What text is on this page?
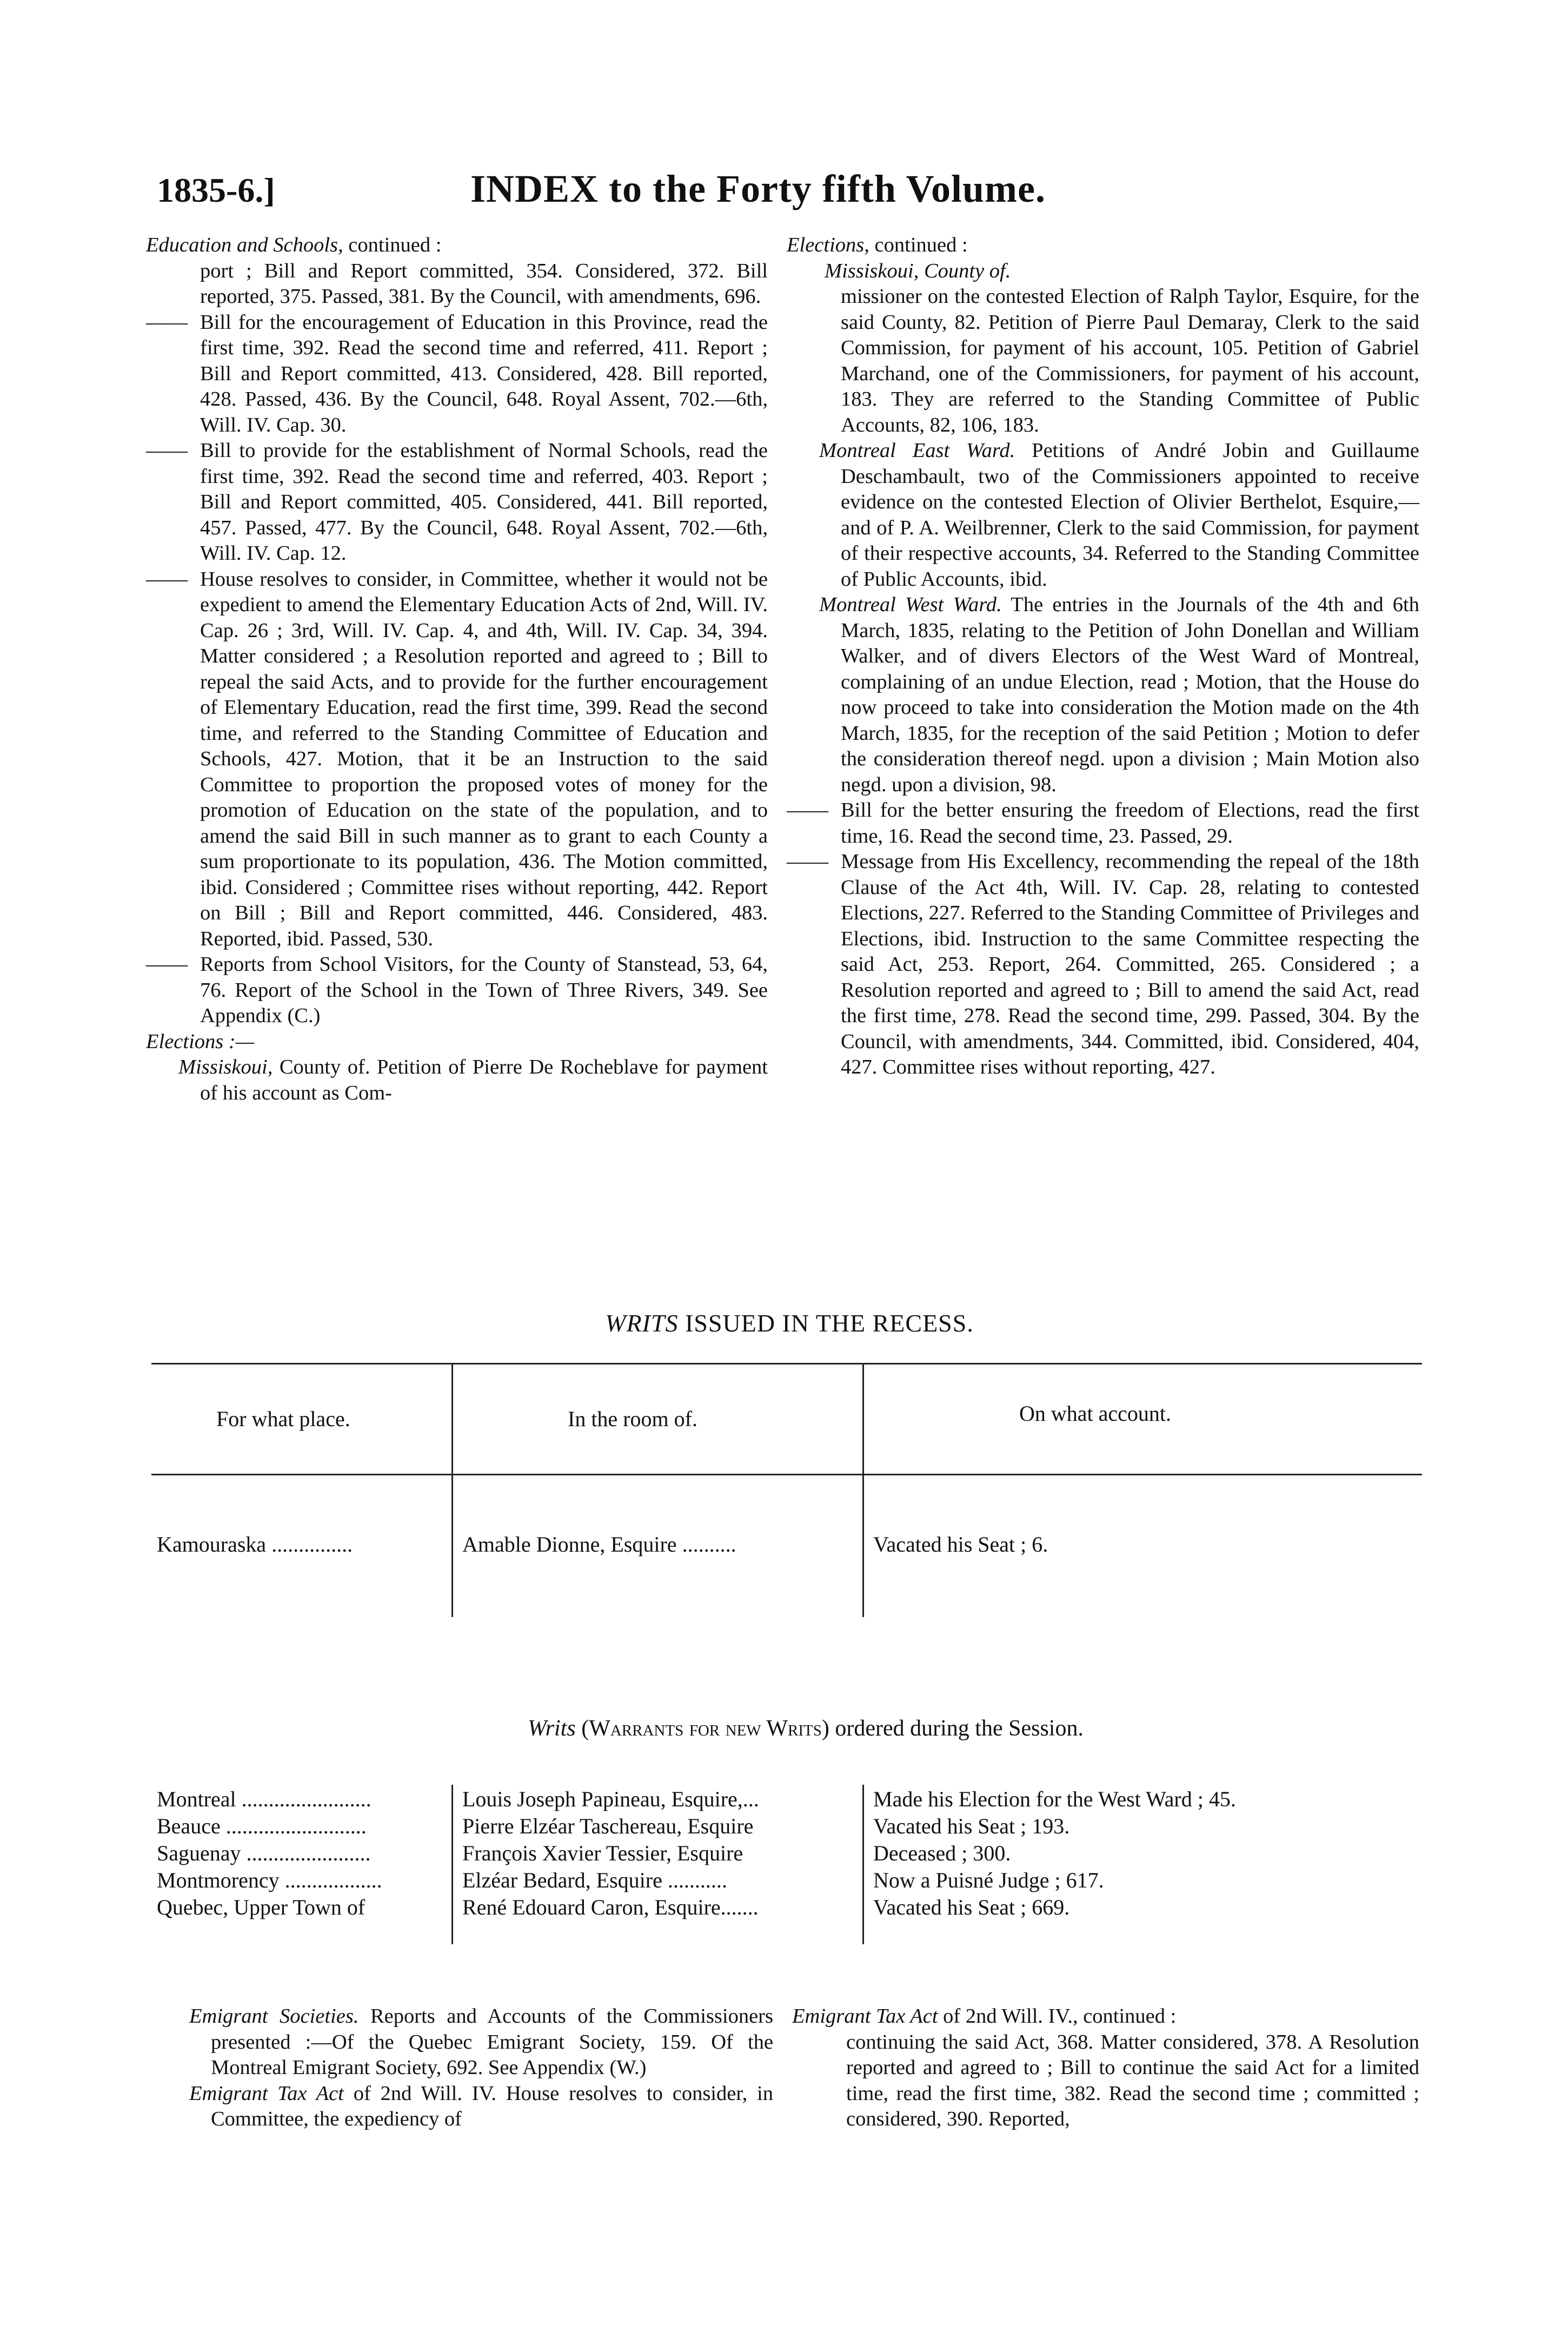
1835-6.]	INDEX to the Forty fifth Volume.

Education and Schools, continued :

port ; Bill and Report committed, 354. Considered, 372. Bill reported, 375. Passed, 381. By the Council, with amendments, 696.

—— Bill for the encouragement of Education in this Province, read the first time, 392. Read the second time and referred, 411. Report ; Bill and Report committed, 413. Considered, 428. Bill reported, 428. Passed, 436. By the Council, 648. Royal Assent, 702.—6th, Will. IV. Cap. 30.

—— Bill to provide for the establishment of Normal Schools, read the first time, 392. Read the second time and referred, 403. Report ; Bill and Report committed, 405. Considered, 441. Bill reported, 457. Passed, 477. By the Council, 648. Royal Assent, 702.—6th, Will. IV. Cap. 12.

—— House resolves to consider, in Committee, whether it would not be expedient to amend the Elementary Education Acts of 2nd, Will. IV. Cap. 26 ; 3rd, Will. IV. Cap. 4, and 4th, Will. IV. Cap. 34, 394. Matter considered ; a Resolution reported and agreed to ; Bill to repeal the said Acts, and to provide for the further encouragement of Elementary Education, read the first time, 399. Read the second time, and referred to the Standing Committee of Education and Schools, 427. Motion, that it be an Instruction to the said Committee to proportion the proposed votes of money for the promotion of Education on the state of the population, and to amend the said Bill in such manner as to grant to each County a sum proportionate to its population, 436. The Motion committed, ibid. Considered ; Committee rises without reporting, 442. Report on Bill ; Bill and Report committed, 446. Considered, 483. Reported, ibid. Passed, 530.

—— Reports from School Visitors, for the County of Stanstead, 53, 64, 76. Report of the School in the Town of Three Rivers, 349. See Appendix (C.)

Elections :—

Missiskoui, County of. Petition of Pierre De Rocheblave for payment of his account as Com-

Elections, continued :

Missiskoui, County of.

missioner on the contested Election of Ralph Taylor, Esquire, for the said County, 82. Petition of Pierre Paul Demaray, Clerk to the said Commission, for payment of his account, 105. Petition of Gabriel Marchand, one of the Commissioners, for payment of his account, 183. They are referred to the Standing Committee of Public Accounts, 82, 106, 183.

Montreal East Ward. Petitions of André Jobin and Guillaume Deschambault, two of the Commissioners appointed to receive evidence on the contested Election of Olivier Berthelot, Esquire,—and of P. A. Weilbrenner, Clerk to the said Commission, for payment of their respective accounts, 34. Referred to the Standing Committee of Public Accounts, ibid.

Montreal West Ward. The entries in the Journals of the 4th and 6th March, 1835, relating to the Petition of John Donellan and William Walker, and of divers Electors of the West Ward of Montreal, complaining of an undue Election, read ; Motion, that the House do now proceed to take into consideration the Motion made on the 4th March, 1835, for the reception of the said Petition ; Motion to defer the consideration thereof negd. upon a division ; Main Motion also negd. upon a division, 98.

—— Bill for the better ensuring the freedom of Elections, read the first time, 16. Read the second time, 23. Passed, 29.

—— Message from His Excellency, recommending the repeal of the 18th Clause of the Act 4th, Will. IV. Cap. 28, relating to contested Elections, 227. Referred to the Standing Committee of Privileges and Elections, ibid. Instruction to the same Committee respecting the said Act, 253. Report, 264. Committed, 265. Considered ; a Resolution reported and agreed to ; Bill to amend the said Act, read the first time, 278. Read the second time, 299. Passed, 304. By the Council, with amendments, 344. Committed, ibid. Considered, 404, 427. Committee rises without reporting, 427.

WRITS ISSUED IN THE RECESS.
For what place.	In the room of.	On what account.
Kamouraska ...............	Amable Dionne, Esquire ..........	Vacated his Seat ; 6.
Writs (Warrants for new Writs) ordered during the Session.
Montreal ........................	Louis Joseph Papineau, Esquire,...	Made his Election for the West Ward ; 45.
Beauce ..........................	Pierre Elzéar Taschereau, Esquire	Vacated his Seat ; 193.
Saguenay .......................	François Xavier Tessier, Esquire	Deceased ; 300.
Montmorency ..................	Elzéar Bedard, Esquire ...........	Now a Puisné Judge ; 617.
Quebec, Upper Town of	René Edouard Caron, Esquire.......	Vacated his Seat ; 669.

Emigrant Societies. Reports and Accounts of the Commissioners presented :—Of the Quebec Emigrant Society, 159. Of the Montreal Emigrant Society, 692. See Appendix (W.)

Emigrant Tax Act of 2nd Will. IV. House resolves to consider, in Committee, the expediency of

Emigrant Tax Act of 2nd Will. IV., continued :

continuing the said Act, 368. Matter considered, 378. A Resolution reported and agreed to ; Bill to continue the said Act for a limited time, read the first time, 382. Read the second time ; committed ; considered, 390. Reported,
